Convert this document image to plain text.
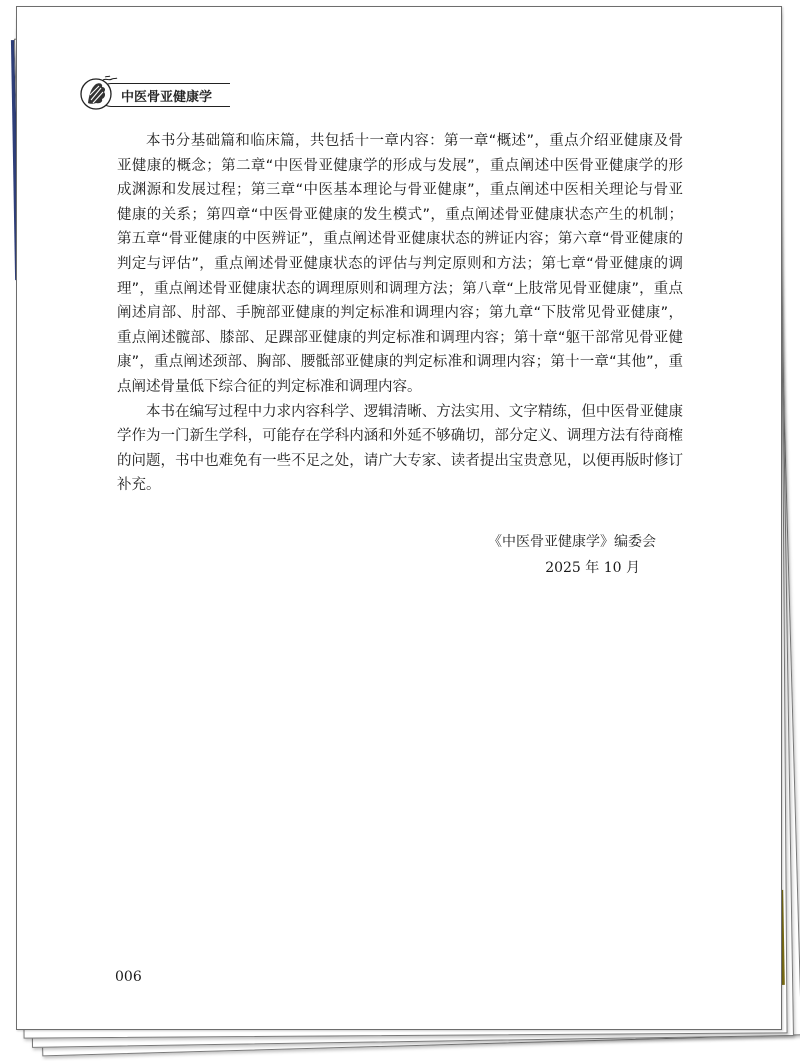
中医骨亚健康学

本书分基础篇和临床篇，共包括十一章内容：第一章“概述”，重点介绍亚健康及骨亚健康的概念；第二章“中医骨亚健康学的形成与发展”，重点阐述中医骨亚健康学的形成渊源和发展过程；第三章“中医基本理论与骨亚健康”，重点阐述中医相关理论与骨亚健康的关系；第四章“中医骨亚健康的发生模式”，重点阐述骨亚健康状态产生的机制；第五章“骨亚健康的中医辨证”，重点阐述骨亚健康状态的辨证内容；第六章“骨亚健康的判定与评估”，重点阐述骨亚健康状态的评估与判定原则和方法；第七章“骨亚健康的调理”，重点阐述骨亚健康状态的调理原则和调理方法；第八章“上肢常见骨亚健康”，重点阐述肩部、肘部、手腕部亚健康的判定标准和调理内容；第九章“下肢常见骨亚健康”，重点阐述髋部、膝部、足踝部亚健康的判定标准和调理内容；第十章“躯干部常见骨亚健康”，重点阐述颈部、胸部、腰骶部亚健康的判定标准和调理内容；第十一章“其他”，重点阐述骨量低下综合征的判定标准和调理内容。

本书在编写过程中力求内容科学、逻辑清晰、方法实用、文字精练，但中医骨亚健康学作为一门新生学科，可能存在学科内涵和外延不够确切，部分定义、调理方法有待商榷的问题，书中也难免有一些不足之处，请广大专家、读者提出宝贵意见，以便再版时修订补充。

《中医骨亚健康学》编委会
2025 年 10 月
006
